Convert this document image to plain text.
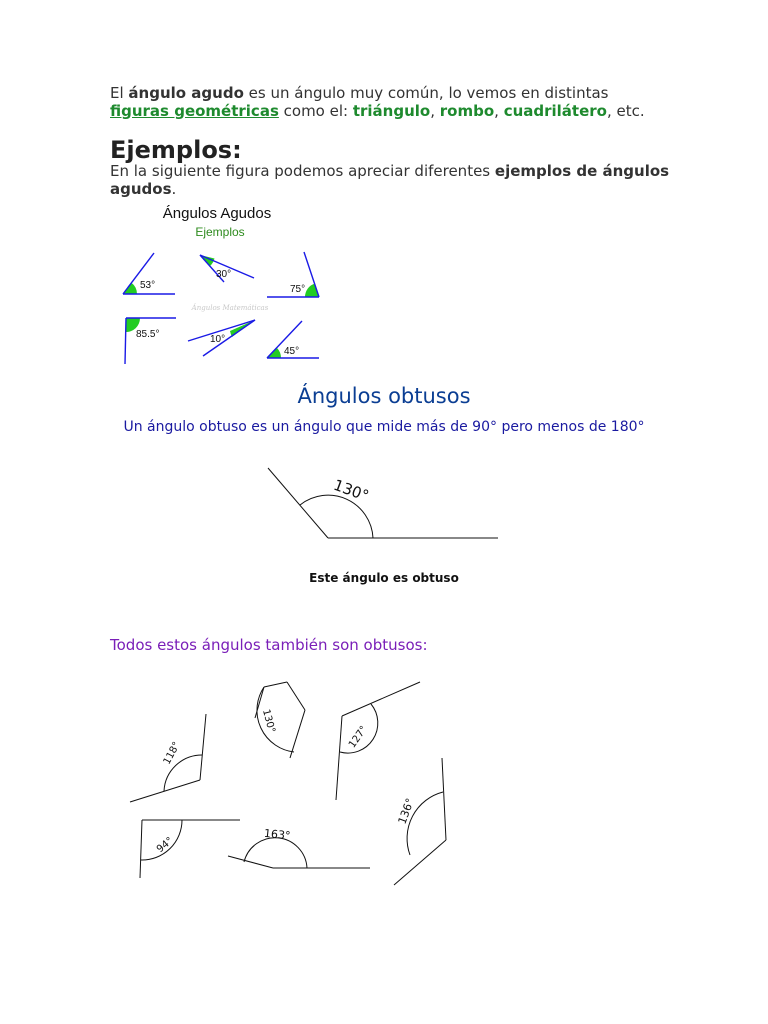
El ángulo agudo es un ángulo muy común, lo vemos en distintas figuras geométricas como el: triángulo, rombo, cuadrilátero, etc.
Ejemplos:
En la siguiente figura podemos apreciar diferentes ejemplos de ángulos agudos.
Ángulos Agudos
Ejemplos
Ángulos Matemáticas
53°
30°
75°
85.5°	10°
45°
Ángulos obtusos
Un ángulo obtuso es un ángulo que mide más de 90° pero menos de 180°
130°
Este ángulo es obtuso
Todos estos ángulos también son obtusos:
118°
130°
127°
94°
163°
136°
